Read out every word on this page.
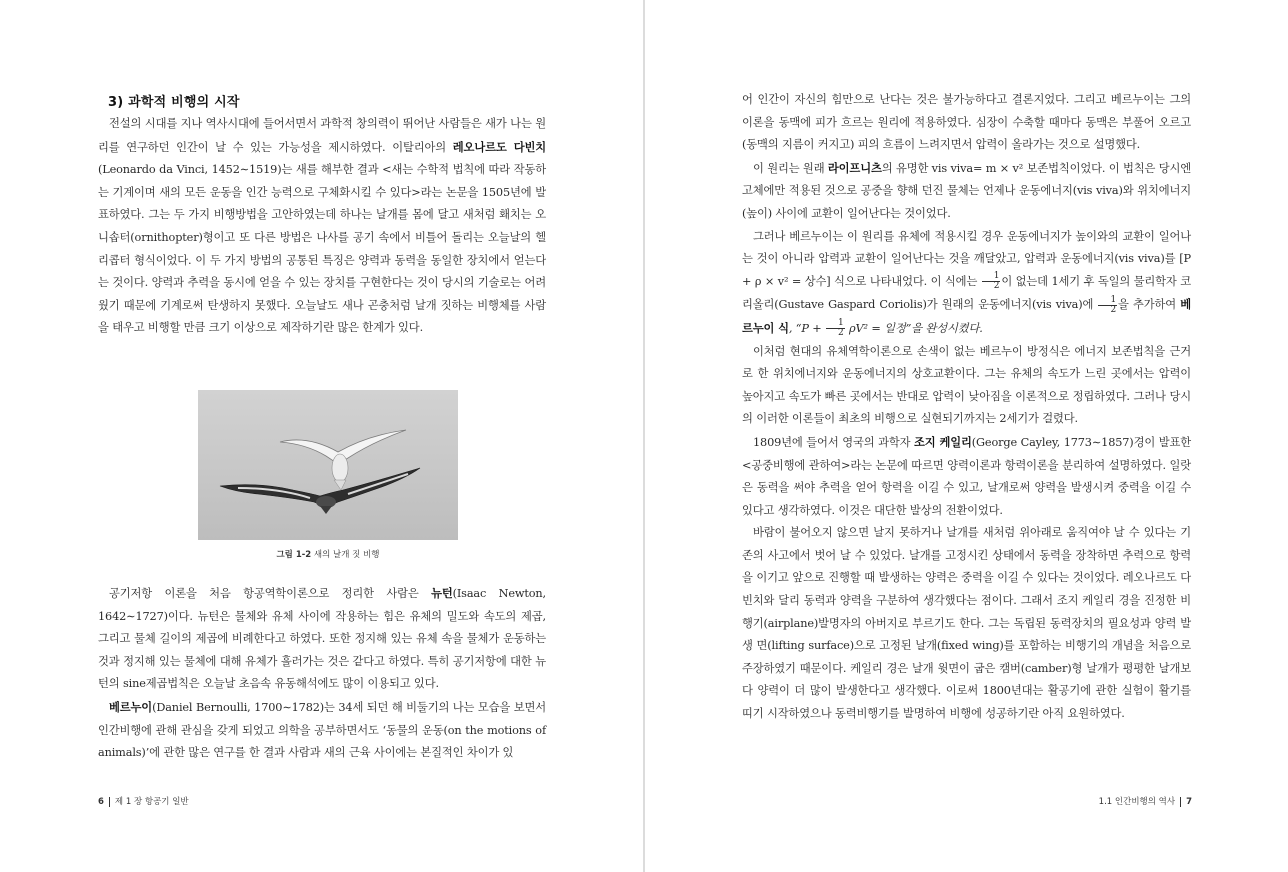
3) 과학적 비행의 시작

전설의 시대를 지나 역사시대에 들어서면서 과학적 창의력이 뛰어난 사람들은 새가 나는 원리를 연구하던 인간이 날 수 있는 가능성을 제시하였다. 이탈리아의 레오나르도 다빈치(Leonardo da Vinci, 1452∼1519)는 새를 해부한 결과 <새는 수학적 법칙에 따라 작동하는 기계이며 새의 모든 운동을 인간 능력으로 구체화시킬 수 있다>라는 논문을 1505년에 발표하였다. 그는 두 가지 비행방법을 고안하였는데 하나는 날개를 몸에 달고 새처럼 홰치는 오니솝터(ornithopter)형이고 또 다른 방법은 나사를 공기 속에서 비틀어 돌리는 오늘날의 헬리콥터 형식이었다. 이 두 가지 방법의 공통된 특징은 양력과 동력을 동일한 장치에서 얻는다는 것이다. 양력과 추력을 동시에 얻을 수 있는 장치를 구현한다는 것이 당시의 기술로는 어려웠기 때문에 기계로써 탄생하지 못했다. 오늘날도 새나 곤충처럼 날개 짓하는 비행체를 사람을 태우고 비행할 만큼 크기 이상으로 제작하기란 많은 한계가 있다.

그림 1-2 새의 날개 짓 비행

공기저항 이론을 처음 항공역학이론으로 정리한 사람은 뉴턴(Isaac Newton, 1642∼1727)이다. 뉴턴은 물체와 유체 사이에 작용하는 힘은 유체의 밀도와 속도의 제곱, 그리고 물체 길이의 제곱에 비례한다고 하였다. 또한 정지해 있는 유체 속을 물체가 운동하는 것과 정지해 있는 물체에 대해 유체가 흘러가는 것은 같다고 하였다. 특히 공기저항에 대한 뉴턴의 sine제곱법칙은 오늘날 초음속 유동해석에도 많이 이용되고 있다.

베르누이(Daniel Bernoulli, 1700∼1782)는 34세 되던 해 비둘기의 나는 모습을 보면서 인간비행에 관해 관심을 갖게 되었고 의학을 공부하면서도 ‘동물의 운동(on the motions of animals)’에 관한 많은 연구를 한 결과 사람과 새의 근육 사이에는 본질적인 차이가 있

6 제 1 장 항공기 일반

어 인간이 자신의 힘만으로 난다는 것은 불가능하다고 결론지었다. 그리고 베르누이는 그의 이론을 동맥에 피가 흐르는 원리에 적용하였다. 심장이 수축할 때마다 동맥은 부풀어 오르고(동맥의 지름이 커지고) 피의 흐름이 느려지면서 압력이 올라가는 것으로 설명했다.

이 원리는 원래 라이프니츠의 유명한 vis viva= m × v² 보존법칙이었다. 이 법칙은 당시엔 고체에만 적용된 것으로 공중을 향해 던진 물체는 언제나 운동에너지(vis viva)와 위치에너지(높이) 사이에 교환이 일어난다는 것이었다.

그러나 베르누이는 이 원리를 유체에 적용시킬 경우 운동에너지가 높이와의 교환이 일어나는 것이 아니라 압력과 교환이 일어난다는 것을 깨달았고, 압력과 운동에너지(vis viva)를 [P + ρ × v² = 상수] 식으로 나타내었다. 이 식에는 $\frac{1}{2}$ 이 없는데 1세기 후 독일의 물리학자 코리올리(Gustave Gaspard Coriolis)가 원래의 운동에너지(vis viva)에 $\frac{1}{2}$ 을 추가하여 베르누이 식, “$P + \frac{1}{2} \rho V^2$ = 일정”을 완성시켰다.

이처럼 현대의 유체역학이론으로 손색이 없는 베르누이 방정식은 에너지 보존법칙을 근거로 한 위치에너지와 운동에너지의 상호교환이다. 그는 유체의 속도가 느린 곳에서는 압력이 높아지고 속도가 빠른 곳에서는 반대로 압력이 낮아짐을 이론적으로 정립하였다. 그러나 당시의 이러한 이론들이 최초의 비행으로 실현되기까지는 2세기가 걸렸다.

1809년에 들어서 영국의 과학자 조지 케일리(George Cayley, 1773∼1857)경이 발표한 <공중비행에 관하여>라는 논문에 따르면 양력이론과 항력이론을 분리하여 설명하였다. 일랏은 동력을 써야 추력을 얻어 항력을 이길 수 있고, 날개로써 양력을 발생시켜 중력을 이길 수 있다고 생각하였다. 이것은 대단한 발상의 전환이었다.

바람이 불어오지 않으면 날지 못하거나 날개를 새처럼 위아래로 움직여야 날 수 있다는 기존의 사고에서 벗어 날 수 있었다. 날개를 고정시킨 상태에서 동력을 장착하면 추력으로 항력을 이기고 앞으로 진행할 때 발생하는 양력은 중력을 이길 수 있다는 것이었다. 레오나르도 다빈치와 달리 동력과 양력을 구분하여 생각했다는 점이다. 그래서 조지 케일리 경을 진정한 비행기(airplane)발명자의 아버지로 부르기도 한다. 그는 독립된 동력장치의 필요성과 양력 발생 면(lifting surface)으로 고정된 날개(fixed wing)를 포함하는 비행기의 개념을 처음으로 주장하였기 때문이다. 케일리 경은 날개 윗면이 굽은 캠버(camber)형 날개가 평평한 날개보다 양력이 더 많이 발생한다고 생각했다. 이로써 1800년대는 활공기에 관한 실험이 활기를 띠기 시작하였으나 동력비행기를 발명하여 비행에 성공하기란 아직 요원하였다.

1.1 인간비행의 역사 7
